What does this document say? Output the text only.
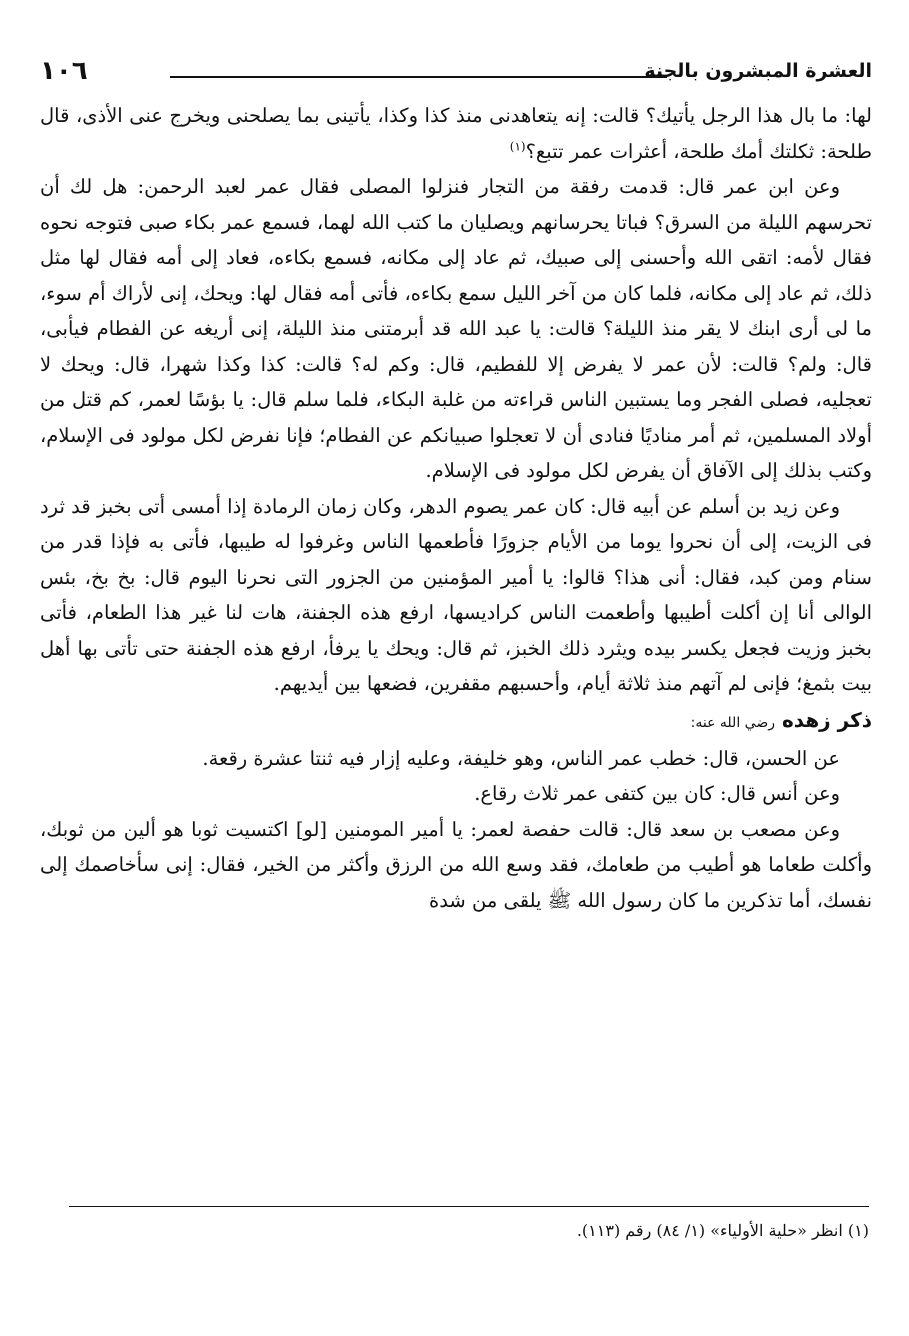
العشرة المبشرون بالجنة
١٠٦

لها: ما بال هذا الرجل يأتيك؟ قالت: إنه يتعاهدنى منذ كذا وكذا، يأتينى بما يصلحنى ويخرج عنى الأذى، قال طلحة: ثكلتك أمك طلحة، أعثرات عمر تتبع؟$^{(١)}$

وعن ابن عمر قال: قدمت رفقة من التجار فنزلوا المصلى فقال عمر لعبد الرحمن: هل لك أن تحرسهم الليلة من السرق؟ فباتا يحرسانهم ويصليان ما كتب الله لهما، فسمع عمر بكاء صبى فتوجه نحوه فقال لأمه: اتقى الله وأحسنى إلى صبيك، ثم عاد إلى مكانه، فسمع بكاءه، فعاد إلى أمه فقال لها مثل ذلك، ثم عاد إلى مكانه، فلما كان من آخر الليل سمع بكاءه، فأتى أمه فقال لها: ويحك، إنى لأراك أم سوء، ما لى أرى ابنك لا يقر منذ الليلة؟ قالت: يا عبد الله قد أبرمتنى منذ الليلة، إنى أريغه عن الفطام فيأبى، قال: ولم؟ قالت: لأن عمر لا يفرض إلا للفطيم، قال: وكم له؟ قالت: كذا وكذا شهرا، قال: ويحك لا تعجليه، فصلى الفجر وما يستبين الناس قراءته من غلبة البكاء، فلما سلم قال: يا بؤسًا لعمر، كم قتل من أولاد المسلمين، ثم أمر مناديًا فنادى أن لا تعجلوا صبيانكم عن الفطام؛ فإنا نفرض لكل مولود فى الإسلام، وكتب بذلك إلى الآفاق أن يفرض لكل مولود فى الإسلام.

وعن زيد بن أسلم عن أبيه قال: كان عمر يصوم الدهر، وكان زمان الرمادة إذا أمسى أتى بخبز قد ثرد فى الزيت، إلى أن نحروا يوما من الأيام جزورًا فأطعمها الناس وغرفوا له طيبها، فأتى به فإذا قدر من سنام ومن كبد، فقال: أنى هذا؟ قالوا: يا أمير المؤمنين من الجزور التى نحرنا اليوم قال: بخ بخ، بئس الوالى أنا إن أكلت أطيبها وأطعمت الناس كراديسها، ارفع هذه الجفنة، هات لنا غير هذا الطعام، فأتى بخبز وزيت فجعل يكسر بيده ويثرد ذلك الخبز، ثم قال: ويحك يا يرفأ، ارفع هذه الجفنة حتى تأتى بها أهل بيت بثمغ؛ فإنى لم آتهم منذ ثلاثة أيام، وأحسبهم مقفرين، فضعها بين أيديهم.

ذكر زهده رضي الله عنه:

عن الحسن، قال: خطب عمر الناس، وهو خليفة، وعليه إزار فيه ثنتا عشرة رقعة.

وعن أنس قال: كان بين كتفى عمر ثلاث رقاع.

وعن مصعب بن سعد قال: قالت حفصة لعمر: يا أمير المومنين [لو] اكتسيت ثوبا هو ألين من ثوبك، وأكلت طعاما هو أطيب من طعامك، فقد وسع الله من الرزق وأكثر من الخير، فقال: إنى سأخاصمك إلى نفسك، أما تذكرين ما كان رسول الله ﷺ يلقى من شدة

(١) انظر «حلية الأولياء» (١/ ٨٤) رقم (١١٣).
